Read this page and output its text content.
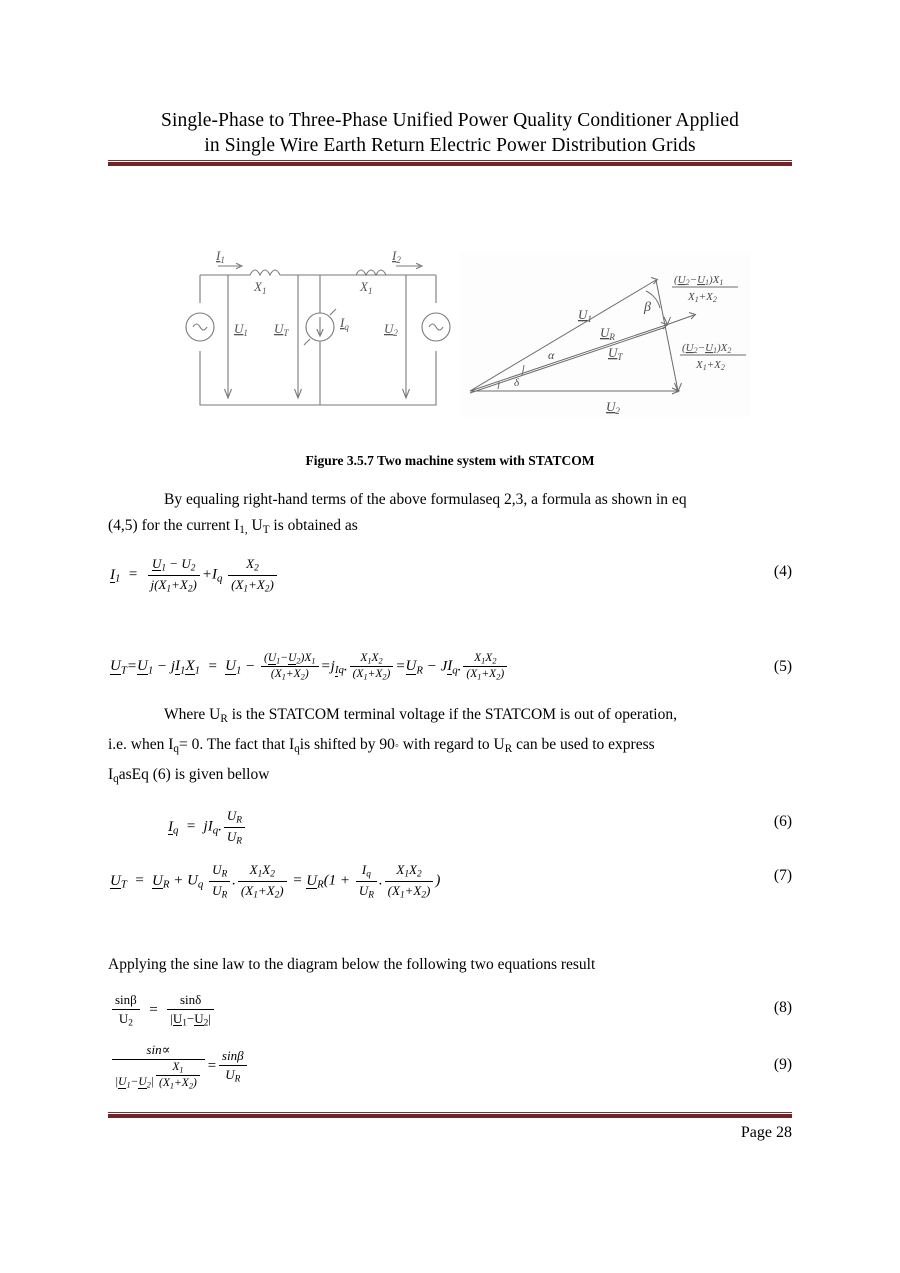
Single-Phase to Three-Phase Unified Power Quality Conditioner Applied
in Single Wire Earth Return Electric Power Distribution Grids
$I_1$	$I_2$
$X_1$	$X_1$
$U_1$ $U_T$
$I_q$	$U_2$
$U_1$
$U_R$
$U_T$
$U_2$
α
β
δ
(U2−U1)X1
X1+X2
(U2−U1)X2
X1+X2
Figure 3.5.7 Two machine system with STATCOM
By equaling right-hand terms of the above formulaseq 2,3, a formula as shown in eq
(4,5) for the current $I_{1,}$ $U_T$ is obtained as
$I_1 = \frac{U_1 - U_2}{j(X_1+X_2)} +I_q \frac{X_2}{(X_1+X_2)}$	(4)
$U_T=U_1 - jI_1X_1 = U_1 - \frac{(U_1-U_2)X_1}{(X_1+X_2)} =j_{Iq}$. $\frac{X_1X_2}{(X_1+X_2)} =U_R - JI_q$. $\frac{X_1X_2}{(X_1+X_2)}$	(5)
Where $U_R$ is the STATCOM terminal voltage if the STATCOM is out of operation,
i.e. when $I_q= 0$. The fact that $I_qis$ shifted by 90◦ with regard to $U_R$ can be used to express
$I_qasEq$ (6) is given bellow
$I_q = jI_q$. $\frac{U_R}{U_R}$	(6)
$U_T = U_R + U_q \frac{U_R}{U_R}$ . $\frac{X_1X_2}{(X_1+X_2)} = U_R(1 + \frac{I_q}{U_R}$ . $\frac{X_1X_2}{(X_1+X_2)}$ )	(7)
Applying the sine law to the diagram below the following two equations result
$\frac{\sin\beta}{U_2} = \frac{\sin\delta}{|U_1-U_2|}$	(8)
$\frac{\sin\propto}{|U_1-U_2| \frac{X_1}{(X_1+X_2)}} = \frac{\sin\beta}{U_R}$	(9)
Page 28
